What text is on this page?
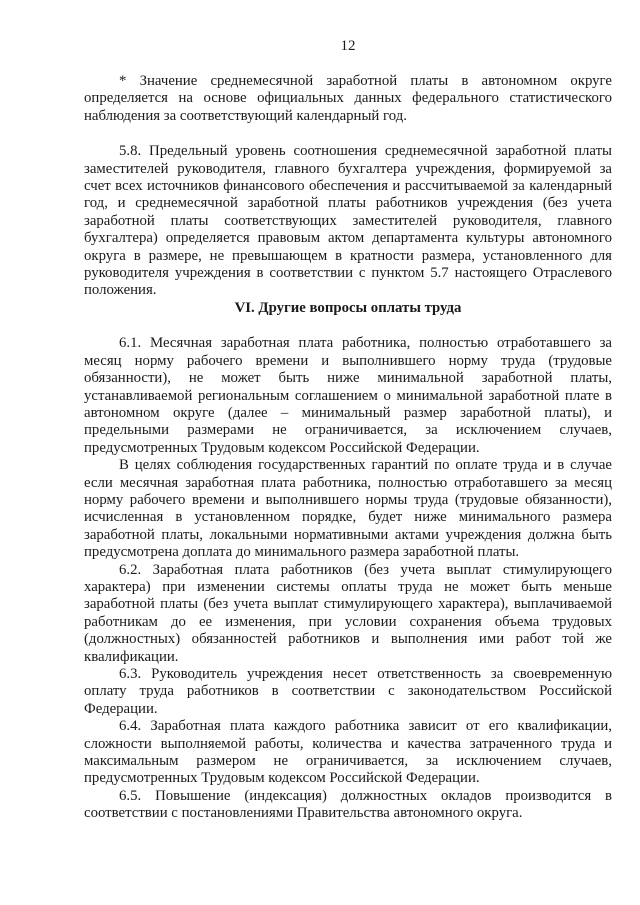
12

* Значение среднемесячной заработной платы в автономном округе определяется на основе официальных данных федерального статистического наблюдения за соответствующий календарный год.

5.8. Предельный уровень соотношения среднемесячной заработной платы заместителей руководителя, главного бухгалтера учреждения, формируемой за счет всех источников финансового обеспечения и рассчитываемой за календарный год, и среднемесячной заработной платы работников учреждения (без учета заработной платы соответствующих заместителей руководителя, главного бухгалтера) определяется правовым актом департамента культуры автономного округа в размере, не превышающем в кратности размера, установленного для руководителя учреждения в соответствии с пунктом 5.7 настоящего Отраслевого положения.

VI. Другие вопросы оплаты труда

6.1. Месячная заработная плата работника, полностью отработавшего за месяц норму рабочего времени и выполнившего норму труда (трудовые обязанности), не может быть ниже минимальной заработной платы, устанавливаемой региональным соглашением о минимальной заработной плате в автономном округе (далее – минимальный размер заработной платы), и предельными размерами не ограничивается, за исключением случаев, предусмотренных Трудовым кодексом Российской Федерации.

В целях соблюдения государственных гарантий по оплате труда и в случае если месячная заработная плата работника, полностью отработавшего за месяц норму рабочего времени и выполнившего нормы труда (трудовые обязанности), исчисленная в установленном порядке, будет ниже минимального размера заработной платы, локальными нормативными актами учреждения должна быть предусмотрена доплата до минимального размера заработной платы.

6.2. Заработная плата работников (без учета выплат стимулирующего характера) при изменении системы оплаты труда не может быть меньше заработной платы (без учета выплат стимулирующего характера), выплачиваемой работникам до ее изменения, при условии сохранения объема трудовых (должностных) обязанностей работников и выполнения ими работ той же квалификации.

6.3. Руководитель учреждения несет ответственность за своевременную оплату труда работников в соответствии с законодательством Российской Федерации.

6.4. Заработная плата каждого работника зависит от его квалификации, сложности выполняемой работы, количества и качества затраченного труда и максимальным размером не ограничивается, за исключением случаев, предусмотренных Трудовым кодексом Российской Федерации.

6.5. Повышение (индексация) должностных окладов производится в соответствии с постановлениями Правительства автономного округа.
